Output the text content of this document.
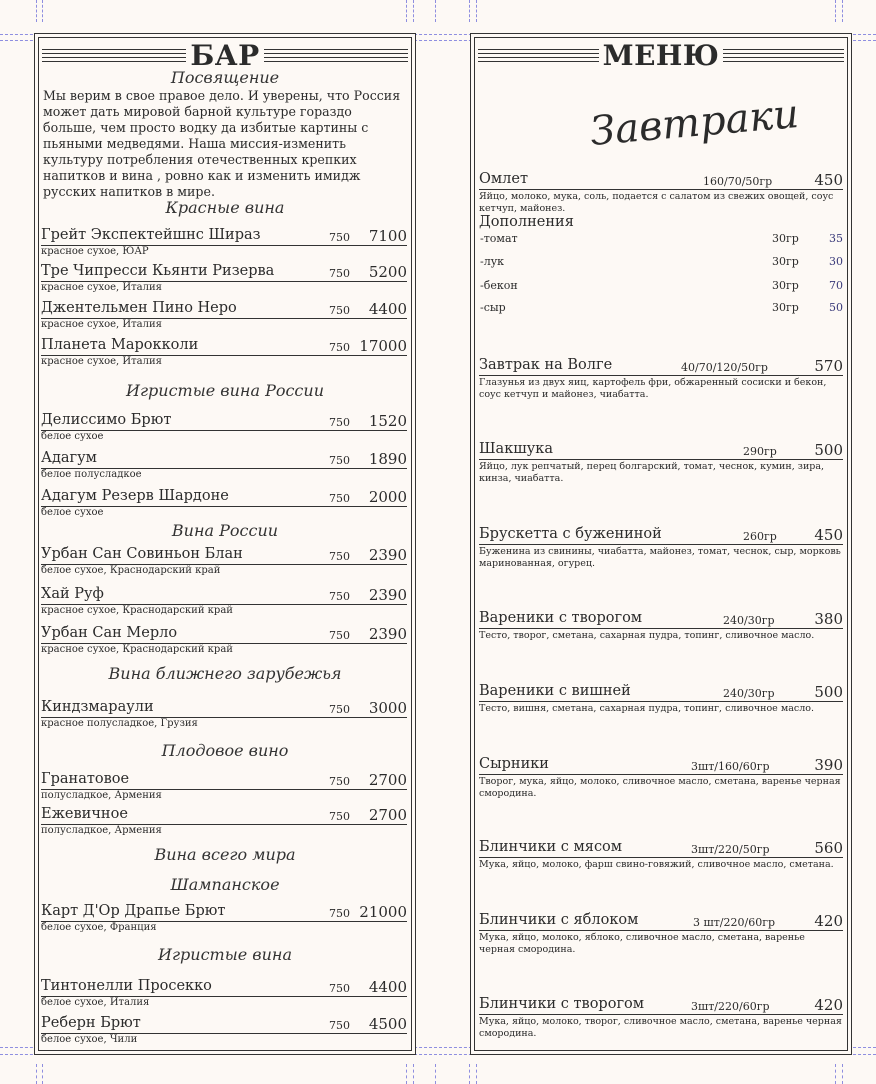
БАР
Посвящение
Мы верим в свое правое дело. И уверены, что Россия может дать мировой барной культуре гораздо больше, чем просто водку да избитые картины с пьяными медведями. Наша миссия-изменить культуру потребления отечественных крепких напитков и вина , ровно как и изменить имидж русских напитков в мире.
Красные вина
Грейт Экспектейшнс Шираз	750 7100
красное сухое, ЮАР
Тре Чипресси Кьянти Ризерва	750 5200
красное сухое, Италия
Джентельмен Пино Неро	750 4400
красное сухое, Италия
Планета Мароккoли	750 17000
красное сухое, Италия
Игристые вина России
Делиссимо Брют	750 1520
белое сухое
Адагум	750 1890
белое полусладкое
Адагум Резерв Шардоне	750 2000
белое сухое
Вина России
Урбан Сан Совиньон Блан	750 2390
белое сухое, Краснодарский край
Хай Руф	750 2390
красное сухое, Краснодарский край
Урбан Сан Мерло	750 2390
красное сухое, Краснодарский край
Вина ближнего зарубежья
Киндзмараули	750 3000
красное полусладкое, Грузия
Плодовое вино
Гранатовое	750 2700
полусладкое, Армения
Ежевичное	750 2700
полусладкое, Армения
Вина всего мира
Шампанское
Карт Д'Ор Драпье Брют	750 21000
белое сухое, Франция
Игристые вина
Тинтонелли Просекко	750 4400
белое сухое, Италия
Реберн Брют	750 4500
белое сухое, Чили
МЕНЮ
Завтраки
Омлет	160/70/50гр	450
Яйцо, молоко, мука, соль, подается с салатом из свежих овощей, соус кетчуп, майонез.
Завтрак на Волге	40/70/120/50гр	570
Глазунья из двух яиц, картофель фри, обжаренный сосиски и бекон, соус кетчуп и майонез, чиабатта.
Шакшука	290гр	500
Яйцо, лук репчатый, перец болгарский, томат, чеснок, кумин, зира, кинза, чиабатта.
Брускетта с бужениной	260гр	450
Буженина из свинины, чиабатта, майонез, томат, чеснок, сыр, морковь маринованная, огурец.
Вареники с творогом	240/30гр	380
Тесто, творог, сметана, сахарная пудра, топинг, сливочное масло.
Вареники с вишней	240/30гр	500
Тесто, вишня, сметана, сахарная пудра, топинг, сливочное масло.
Сырники	3шт/160/60гр	390
Творог, мука, яйцо, молоко, сливочное масло, сметана, варенье черная смородина.
Блинчики с мясом	3шт/220/50гр	560
Мука, яйцо, молоко, фарш свино-говяжий, сливочное масло, сметана.
Блинчики с яблоком	3 шт/220/60гр	420
Мука, яйцо, молоко, яблоко, сливочное масло, сметана, варенье черная смородина.
Блинчики с творогом	3шт/220/60гр	420
Мука, яйцо, молоко, творог, сливочное масло, сметана, варенье черная смородина.
Дополнения
-томат	30гр	35
-лук	30гр	30
-бекон	30гр	70
-сыр	30гр	50
